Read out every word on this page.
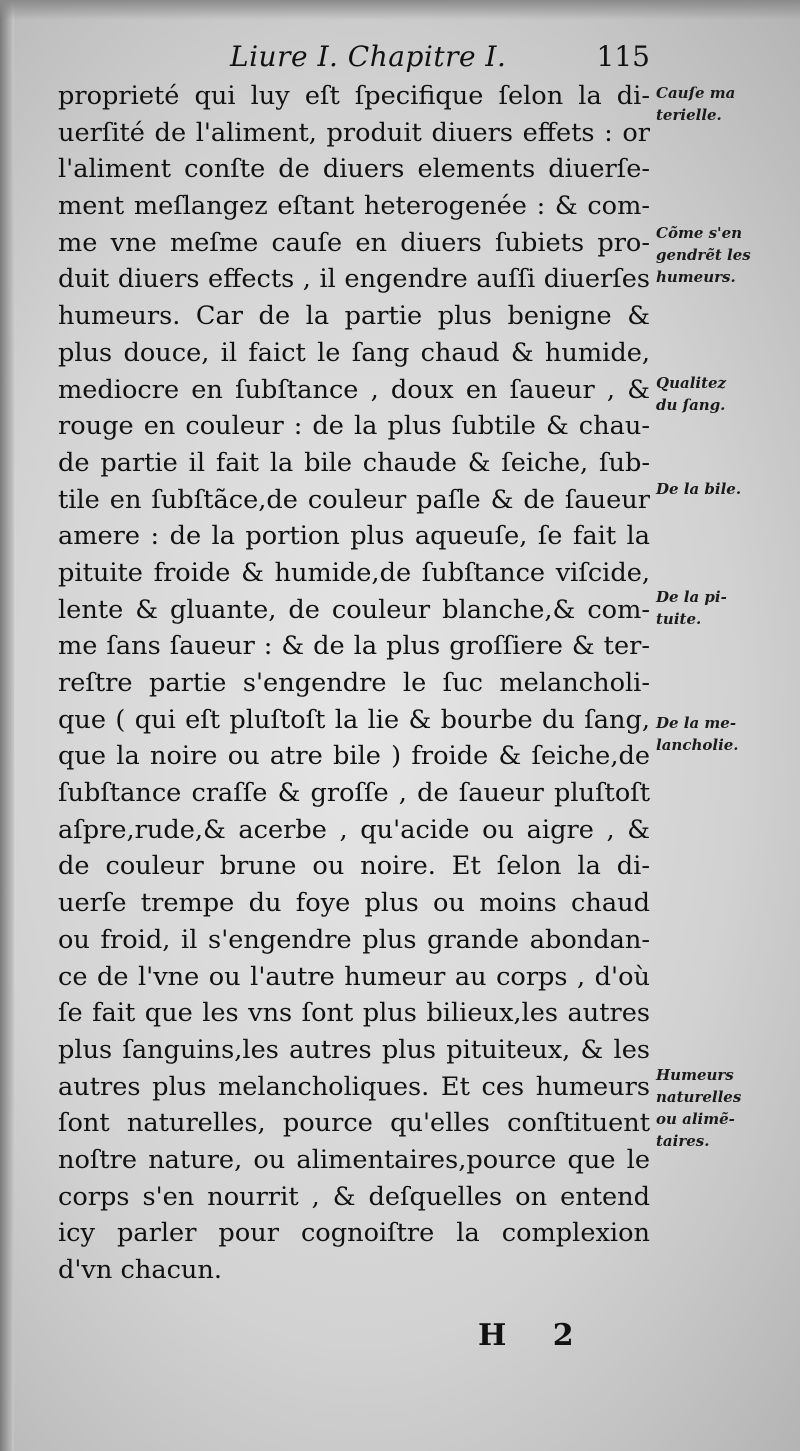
Liure I. Chapitre I.	115
proprieté qui luy eſt ſpecifique ſelon la di-
uerſité de l'aliment, produit diuers effets : or
l'aliment conſte de diuers elements diuerſe-
ment meſlangez eſtant heterogenée : & com-
me vne meſme cauſe en diuers ſubiets pro-
duit diuers effects , il engendre auſſi diuerſes
humeurs. Car de la partie plus benigne &
plus douce, il faict le ſang chaud & humide,
mediocre en ſubſtance , doux en ſaueur , &
rouge en couleur : de la plus ſubtile & chau-
de partie il fait la bile chaude & ſeiche, ſub-
tile en ſubſtãce,de couleur paſle & de ſaueur
amere : de la portion plus aqueuſe, ſe fait la
pituite froide & humide,de ſubſtance viſcide,
lente & gluante, de couleur blanche,& com-
me ſans ſaueur : & de la plus groſſiere & ter-
reſtre partie s'engendre le ſuc melancholi-
que ( qui eſt pluſtoſt la lie & bourbe du ſang,
que la noire ou atre bile ) froide & ſeiche,de
ſubſtance craſſe & groſſe , de ſaueur pluſtoſt
aſpre,rude,& acerbe , qu'acide ou aigre , &
de couleur brune ou noire. Et ſelon la di-
uerſe trempe du foye plus ou moins chaud
ou froid, il s'engendre plus grande abondan-
ce de l'vne ou l'autre humeur au corps , d'où
ſe fait que les vns ſont plus bilieux,les autres
plus ſanguins,les autres plus pituiteux, & les
autres plus melancholiques. Et ces humeurs
ſont naturelles, pource qu'elles conſtituent
noſtre nature, ou alimentaires,pource que le
corps s'en nourrit , & deſquelles on entend
icy parler pour cognoiſtre la complexion
d'vn chacun.
Cauſe ma
terielle.
Cõme s'en
gendrẽt les
humeurs.
Qualitez
du ſang.
De la bile.
De la pi-
tuite.
De la me-
lancholie.
Humeurs
naturelles
ou alimẽ-
taires.
H 2
